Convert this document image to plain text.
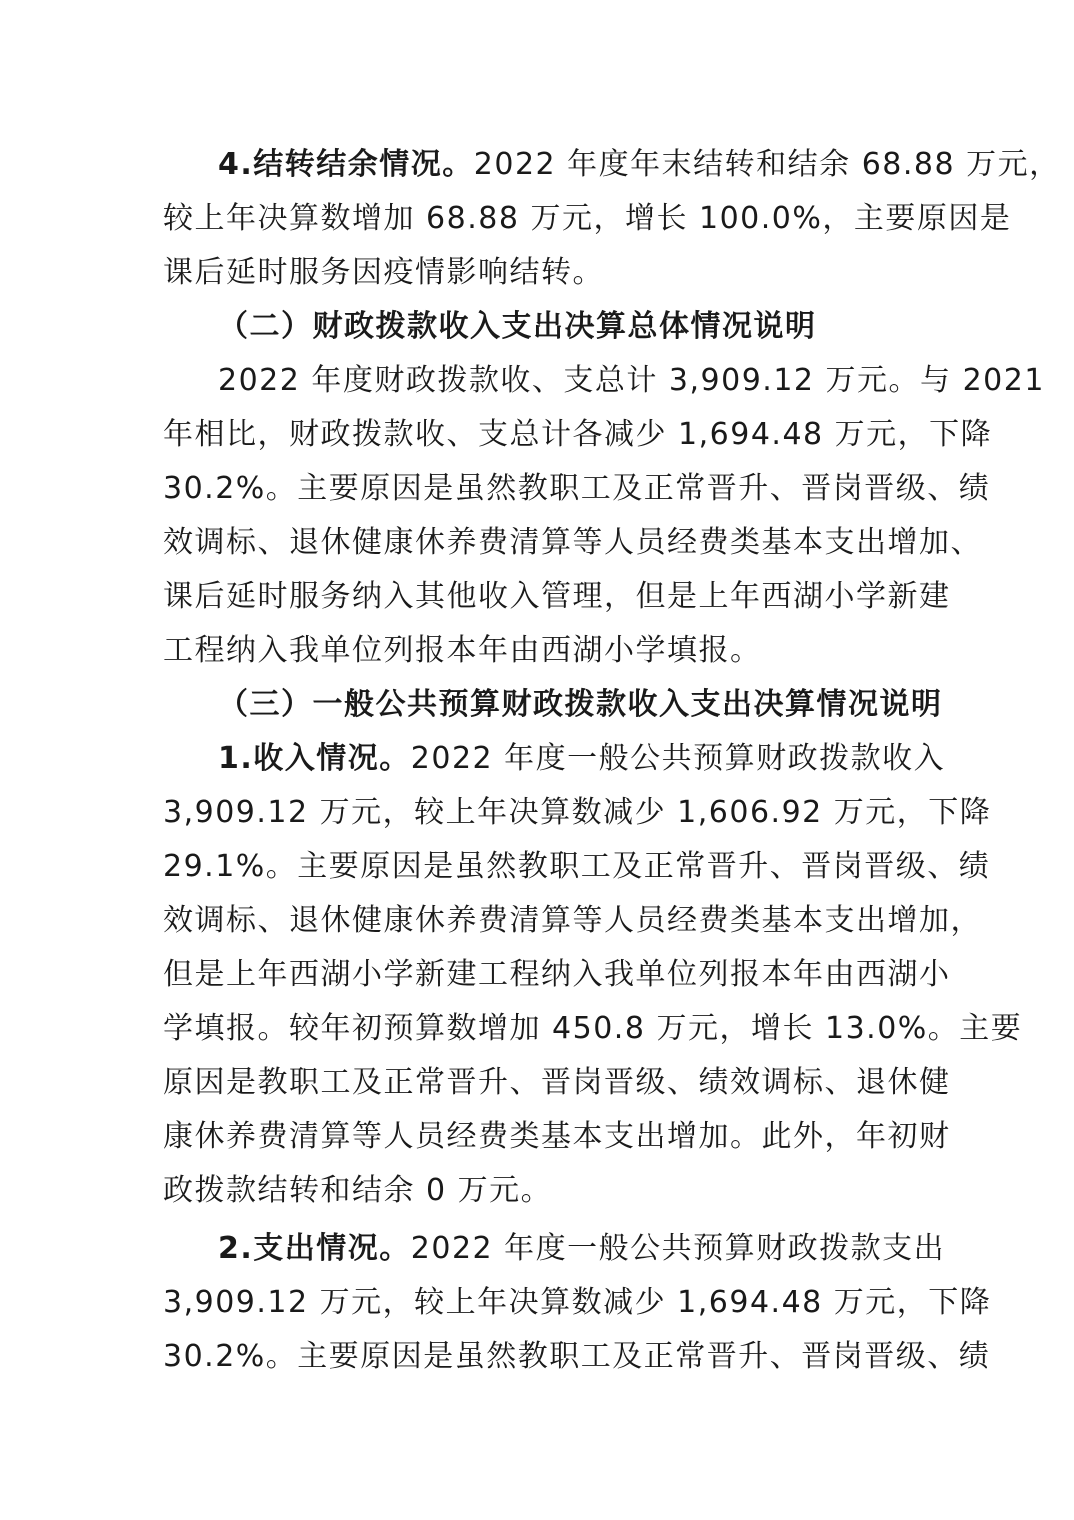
4.结转结余情况。2022 年度年末结转和结余 68.88 万元，
较上年决算数增加 68.88 万元，增长 100.0%，主要原因是
课后延时服务因疫情影响结转。
（二）财政拨款收入支出决算总体情况说明
2022 年度财政拨款收、支总计 3,909.12 万元。与 2021
年相比，财政拨款收、支总计各减少 1,694.48 万元，下降
30.2%。主要原因是虽然教职工及正常晋升、晋岗晋级、绩
效调标、退休健康休养费清算等人员经费类基本支出增加、
课后延时服务纳入其他收入管理，但是上年西湖小学新建
工程纳入我单位列报本年由西湖小学填报。
（三）一般公共预算财政拨款收入支出决算情况说明
1.收入情况。2022 年度一般公共预算财政拨款收入
3,909.12 万元，较上年决算数减少 1,606.92 万元，下降
29.1%。主要原因是虽然教职工及正常晋升、晋岗晋级、绩
效调标、退休健康休养费清算等人员经费类基本支出增加，
但是上年西湖小学新建工程纳入我单位列报本年由西湖小
学填报。较年初预算数增加 450.8 万元，增长 13.0%。主要
原因是教职工及正常晋升、晋岗晋级、绩效调标、退休健
康休养费清算等人员经费类基本支出增加。此外，年初财
政拨款结转和结余 0 万元。
2.支出情况。2022 年度一般公共预算财政拨款支出
3,909.12 万元，较上年决算数减少 1,694.48 万元，下降
30.2%。主要原因是虽然教职工及正常晋升、晋岗晋级、绩
